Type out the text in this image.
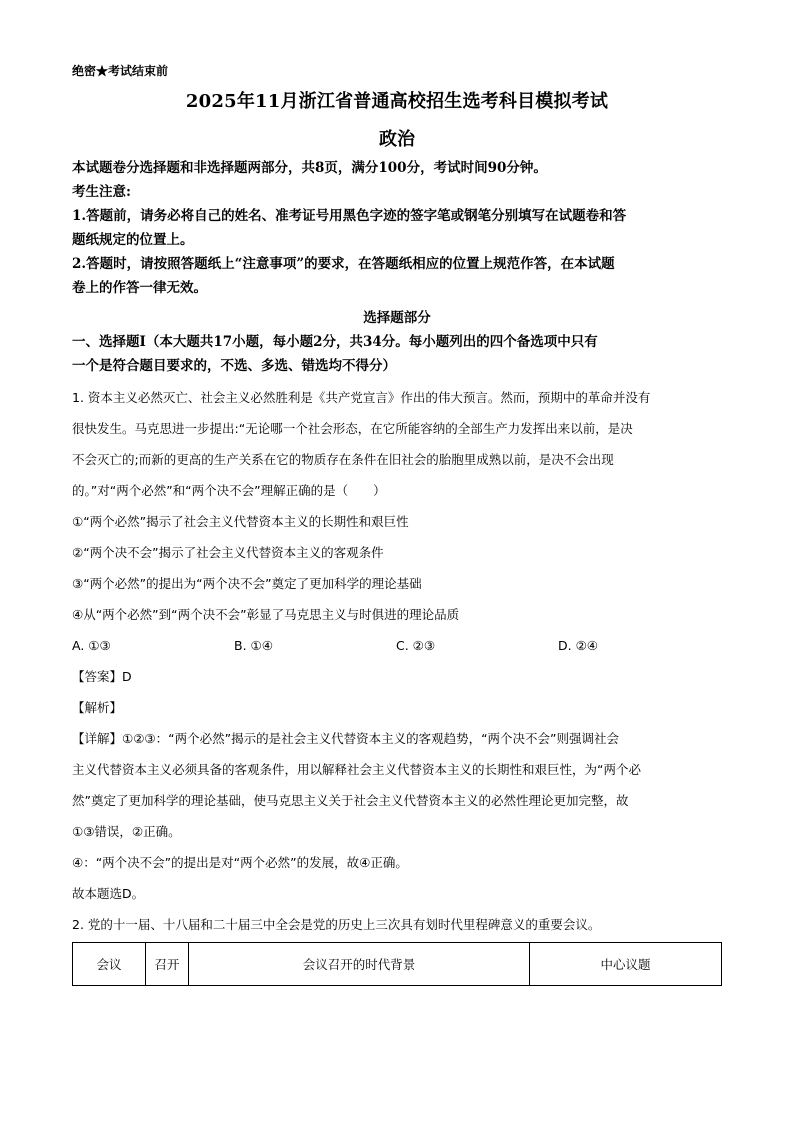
绝密★考试结束前

2025年11月浙江省普通高校招生选考科目模拟考试

政治

本试题卷分选择题和非选择题两部分，共8页，满分100分，考试时间90分钟。

考生注意:

1.答题前，请务必将自己的姓名、准考证号用黑色字迹的签字笔或钢笔分别填写在试题卷和答

题纸规定的位置上。

2.答题时，请按照答题纸上“注意事项”的要求，在答题纸相应的位置上规范作答，在本试题

卷上的作答一律无效。

选择题部分

一、选择题Ⅰ（本大题共17小题，每小题2分，共34分。每小题列出的四个备选项中只有

一个是符合题目要求的，不选、多选、错选均不得分）

1. 资本主义必然灭亡、社会主义必然胜利是《共产党宣言》作出的伟大预言。然而，预期中的革命并没有

很快发生。马克思进一步提出:“无论哪一个社会形态，在它所能容纳的全部生产力发挥出来以前，是决

不会灭亡的;而新的更高的生产关系在它的物质存在条件在旧社会的胎胞里成熟以前，是决不会出现

的。”对“两个必然”和“两个决不会”理解正确的是（　　）

①“两个必然”揭示了社会主义代替资本主义的长期性和艰巨性

②“两个决不会”揭示了社会主义代替资本主义的客观条件

③“两个必然”的提出为“两个决不会”奠定了更加科学的理论基础

④从“两个必然”到“两个决不会”彰显了马克思主义与时俱进的理论品质

A. ①③	B. ①④	C. ②③	D. ②④

【答案】D

【解析】

【详解】①②③：“两个必然”揭示的是社会主义代替资本主义的客观趋势，“两个决不会”则强调社会

主义代替资本主义必须具备的客观条件，用以解释社会主义代替资本主义的长期性和艰巨性，为“两个必

然”奠定了更加科学的理论基础，使马克思主义关于社会主义代替资本主义的必然性理论更加完整，故

①③错误，②正确。

④：“两个决不会”的提出是对“两个必然”的发展，故④正确。

故本题选D。

2. 党的十一届、十八届和二十届三中全会是党的历史上三次具有划时代里程碑意义的重要会议。

会议	召开	会议召开的时代背景	中心议题
